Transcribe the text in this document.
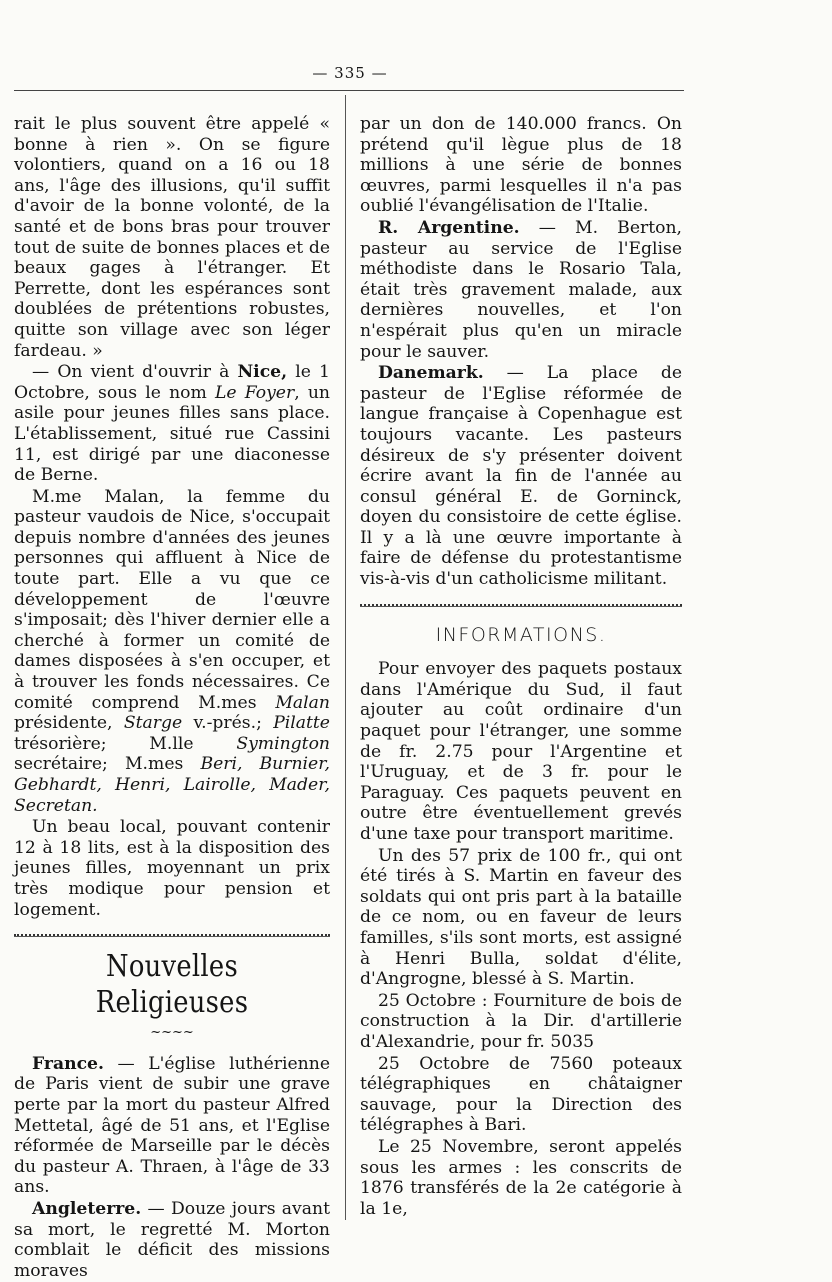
— 335 —

rait le plus souvent être appelé « bonne à rien ». On se figure volontiers, quand on a 16 ou 18 ans, l'âge des illusions, qu'il suffit d'avoir de la bonne volonté, de la santé et de bons bras pour trouver tout de suite de bonnes places et de beaux gages à l'étranger. Et Perrette, dont les espérances sont doublées de prétentions robustes, quitte son village avec son léger fardeau. »

— On vient d'ouvrir à Nice, le 1 Octobre, sous le nom Le Foyer, un asile pour jeunes filles sans place. L'établissement, situé rue Cassini 11, est dirigé par une diaconesse de Berne.

M.me Malan, la femme du pasteur vaudois de Nice, s'occupait depuis nombre d'années des jeunes personnes qui affluent à Nice de toute part. Elle a vu que ce développement de l'œuvre s'imposait; dès l'hiver dernier elle a cherché à former un comité de dames disposées à s'en occuper, et à trouver les fonds nécessaires. Ce comité comprend M.mes Malan présidente, Starge v.-prés.; Pilatte trésorière; M.lle Symington secrétaire; M.mes Beri, Burnier, Gebhardt, Henri, Lairolle, Mader, Secretan.

Un beau local, pouvant contenir 12 à 18 lits, est à la disposition des jeunes filles, moyennant un prix très modique pour pension et logement.

Nouvelles Religieuses
~~~~

France. — L'église luthérienne de Paris vient de subir une grave perte par la mort du pasteur Alfred Mettetal, âgé de 51 ans, et l'Eglise réformée de Marseille par le décès du pasteur A. Thraen, à l'âge de 33 ans.

Angleterre. — Douze jours avant sa mort, le regretté M. Morton comblait le déficit des missions moraves

par un don de 140.000 francs. On prétend qu'il lègue plus de 18 millions à une série de bonnes œuvres, parmi lesquelles il n'a pas oublié l'évangélisation de l'Italie.

R. Argentine. — M. Berton, pasteur au service de l'Eglise méthodiste dans le Rosario Tala, était très gravement malade, aux dernières nouvelles, et l'on n'espérait plus qu'en un miracle pour le sauver.

Danemark. — La place de pasteur de l'Eglise réformée de langue française à Copenhague est toujours vacante. Les pasteurs désireux de s'y présenter doivent écrire avant la fin de l'année au consul général E. de Gorninck, doyen du consistoire de cette église. Il y a là une œuvre importante à faire de défense du protestantisme vis-à-vis d'un catholicisme militant.

INFORMATIONS.

Pour envoyer des paquets postaux dans l'Amérique du Sud, il faut ajouter au coût ordinaire d'un paquet pour l'étranger, une somme de fr. 2.75 pour l'Argentine et l'Uruguay, et de 3 fr. pour le Paraguay. Ces paquets peuvent en outre être éventuellement grevés d'une taxe pour transport maritime.

Un des 57 prix de 100 fr., qui ont été tirés à S. Martin en faveur des soldats qui ont pris part à la bataille de ce nom, ou en faveur de leurs familles, s'ils sont morts, est assigné à Henri Bulla, soldat d'élite, d'Angrogne, blessé à S. Martin.

25 Octobre : Fourniture de bois de construction à la Dir. d'artillerie d'Alexandrie, pour fr. 5035

25 Octobre de 7560 poteaux télégraphiques en châtaigner sauvage, pour la Direction des télégraphes à Bari.

Le 25 Novembre, seront appelés sous les armes : les conscrits de 1876 transférés de la 2e catégorie à la 1e,
